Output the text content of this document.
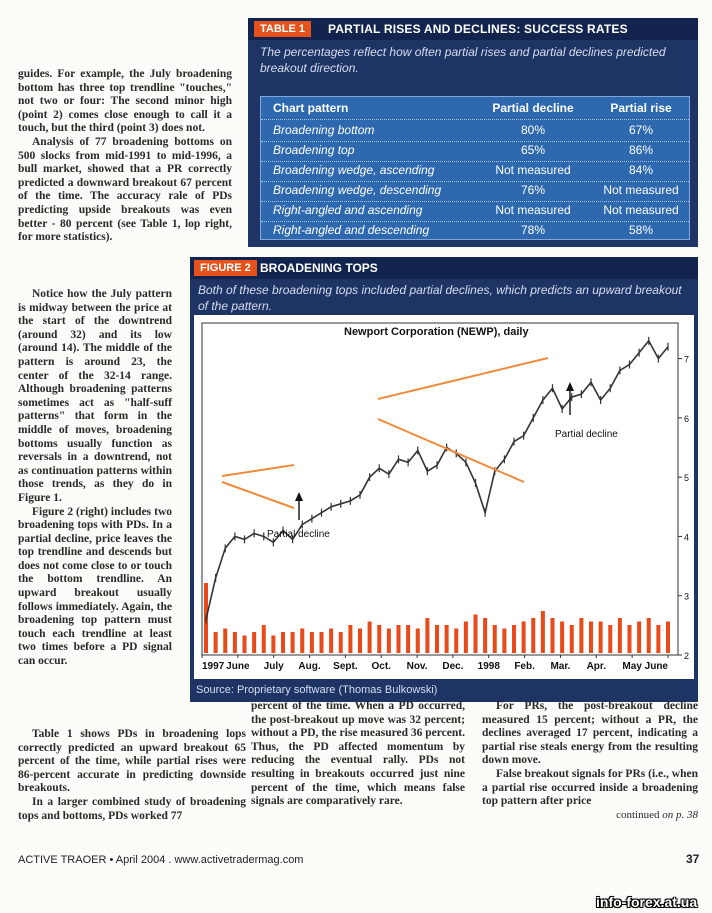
TABLE 1	PARTIAL RISES AND DECLINES: SUCCESS RATES
The percentages reflect how often partial rises and partial declines predicted breakout direction.
Chart pattern	Partial decline	Partial rise
Broadening bottom	80%	67%
Broadening top	65%	86%
Broadening wedge, ascending	Not measured	84%
Broadening wedge, descending	76%	Not measured
Right-angled and ascending	Not measured	Not measured
Right-angled and descending	78%	58%
FIGURE 2 BROADENING TOPS
Both of these broadening tops included partial declines, which predicts an upward breakout of the pattern.
Newport Corporation (NEWP), daily
2
3
4
5
6
7
1997 June July Aug. Sept. Oct. Nov. Dec. 1998 Feb. Mar. Apr. May June
Partial decline
Partial decline
Source: Proprietary software (Thomas Bulkowski)

guides. For example, the July broadening bottom has three top trendline "touches," not two or four: The second minor high (point 2) comes close enough to call it a touch, but the third (point 3) does not.

Analysis of 77 broadening bottoms on 500 slocks from mid-1991 to mid-1996, a bull market, showed that a PR correctly predicted a downward breakout 67 percent of the time. The accuracy rale of PDs predicting upside breakouts was even better - 80 percent (see Table 1, lop right, for more statistics).

Notice how the July pattern is midway between the price at the start of the downtrend (around 32) and its low (around 14). The middle of the pattern is around 23, the center of the 32-14 range. Although broadening patterns sometimes act as "half-suff patterns" that form in the middle of moves, broadening bottoms usually function as reversals in a downtrend, not as continuation patterns within those trends, as they do in Figure 1.

Figure 2 (right) includes two broadening tops with PDs. In a partial decline, price leaves the top trendline and descends but does not come close to or touch the bottom trendline. An upward breakout usually follows immediately. Again, the broadening top pattern must touch each trendline at least two times before a PD signal can occur.

Table 1 shows PDs in broadening lops correctly predicted an upward breakout 65 percent of the time, while partial rises were 86-percent accurate in predicting downside breakouts.

In a larger combined study of broadening tops and bottoms, PDs worked 77

percent of the time. When a PD occurred, the post-breakout up move was 32 percent; without a PD, the rise measured 36 percent. Thus, the PD affected momentum by reducing the eventual rally. PDs not resulting in breakouts occurred just nine percent of the time, which means false signals are comparatively rare.

For PRs, the post-breakout decline measured 15 percent; without a PR, the declines averaged 17 percent, indicating a partial rise steals energy from the resulting down move.

False breakout signals for PRs (i.e., when a partial rise occurred inside a broadening top pattern after price

continued on p. 38

ACTIVE TRAOER • April 2004 . www.activetradermag.com	37
info-forex.at.ua
